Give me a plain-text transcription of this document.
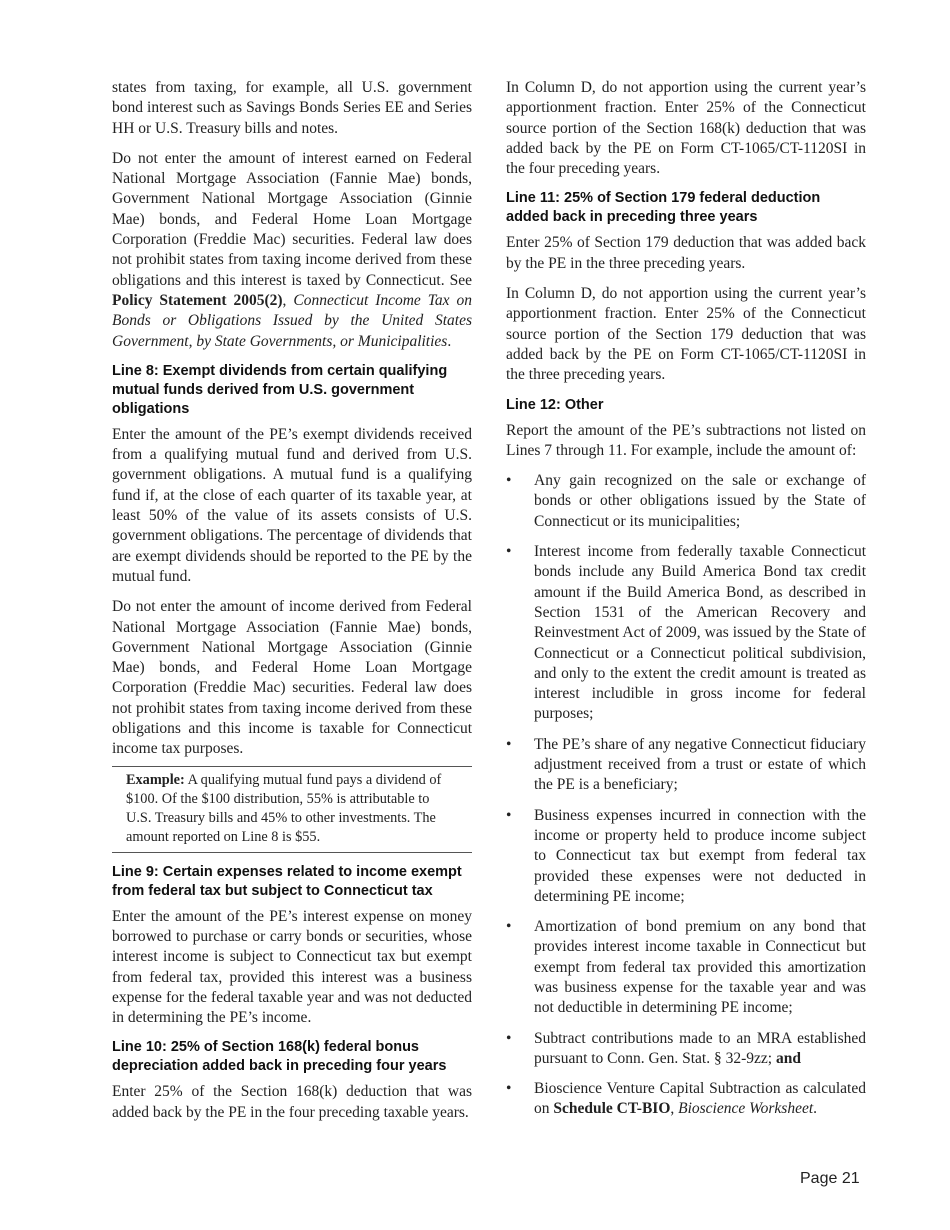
states from taxing, for example, all U.S. government bond interest such as Savings Bonds Series EE and Series HH or U.S. Treasury bills and notes.

Do not enter the amount of interest earned on Federal National Mortgage Association (Fannie Mae) bonds, Government National Mortgage Association (Ginnie Mae) bonds, and Federal Home Loan Mortgage Corporation (Freddie Mac) securities. Federal law does not prohibit states from taxing income derived from these obligations and this interest is taxed by Connecticut. See Policy Statement 2005(2), Connecticut Income Tax on Bonds or Obligations Issued by the United States Government, by State Governments, or Municipalities.

Line 8: Exempt dividends from certain qualifying mutual funds derived from U.S. government obligations

Enter the amount of the PE’s exempt dividends received from a qualifying mutual fund and derived from U.S. government obligations. A mutual fund is a qualifying fund if, at the close of each quarter of its taxable year, at least 50% of the value of its assets consists of U.S. government obligations. The percentage of dividends that are exempt dividends should be reported to the PE by the mutual fund.

Do not enter the amount of income derived from Federal National Mortgage Association (Fannie Mae) bonds, Government National Mortgage Association (Ginnie Mae) bonds, and Federal Home Loan Mortgage Corporation (Freddie Mac) securities. Federal law does not prohibit states from taxing income derived from these obligations and this income is taxable for Connecticut income tax purposes.

Example: A qualifying mutual fund pays a dividend of $100. Of the $100 distribution, 55% is attributable to U.S. Treasury bills and 45% to other investments. The amount reported on Line 8 is $55.

Line 9: Certain expenses related to income exempt from federal tax but subject to Connecticut tax

Enter the amount of the PE’s interest expense on money borrowed to purchase or carry bonds or securities, whose interest income is subject to Connecticut tax but exempt from federal tax, provided this interest was a business expense for the federal taxable year and was not deducted in determining the PE’s income.

Line 10: 25% of Section 168(k) federal bonus depreciation added back in preceding four years

Enter 25% of the Section 168(k) deduction that was added back by the PE in the four preceding taxable years.

In Column D, do not apportion using the current year’s apportionment fraction. Enter 25% of the Connecticut source portion of the Section 168(k) deduction that was added back by the PE on Form CT-1065/CT-1120SI in the four preceding years.

Line 11: 25% of Section 179 federal deduction added back in preceding three years

Enter 25% of Section 179 deduction that was added back by the PE in the three preceding years.

In Column D, do not apportion using the current year’s apportionment fraction. Enter 25% of the Connecticut source portion of the Section 179 deduction that was added back by the PE on Form CT-1065/CT-1120SI in the three preceding years.

Line 12: Other

Report the amount of the PE’s subtractions not listed on Lines 7 through 11. For example, include the amount of:

• Any gain recognized on the sale or exchange of bonds or other obligations issued by the State of Connecticut or its municipalities;
• Interest income from federally taxable Connecticut bonds include any Build America Bond tax credit amount if the Build America Bond, as described in Section 1531 of the American Recovery and Reinvestment Act of 2009, was issued by the State of Connecticut or a Connecticut political subdivision, and only to the extent the credit amount is treated as interest includible in gross income for federal purposes;
• The PE’s share of any negative Connecticut fiduciary adjustment received from a trust or estate of which the PE is a beneficiary;
• Business expenses incurred in connection with the income or property held to produce income subject to Connecticut tax but exempt from federal tax provided these expenses were not deducted in determining PE income;
• Amortization of bond premium on any bond that provides interest income taxable in Connecticut but exempt from federal tax provided this amortization was business expense for the taxable year and was not deductible in determining PE income;
• Subtract contributions made to an MRA established pursuant to Conn. Gen. Stat. § 32-9zz; and
• Bioscience Venture Capital Subtraction as calculated on Schedule CT-BIO, Bioscience Worksheet.
Page 21
